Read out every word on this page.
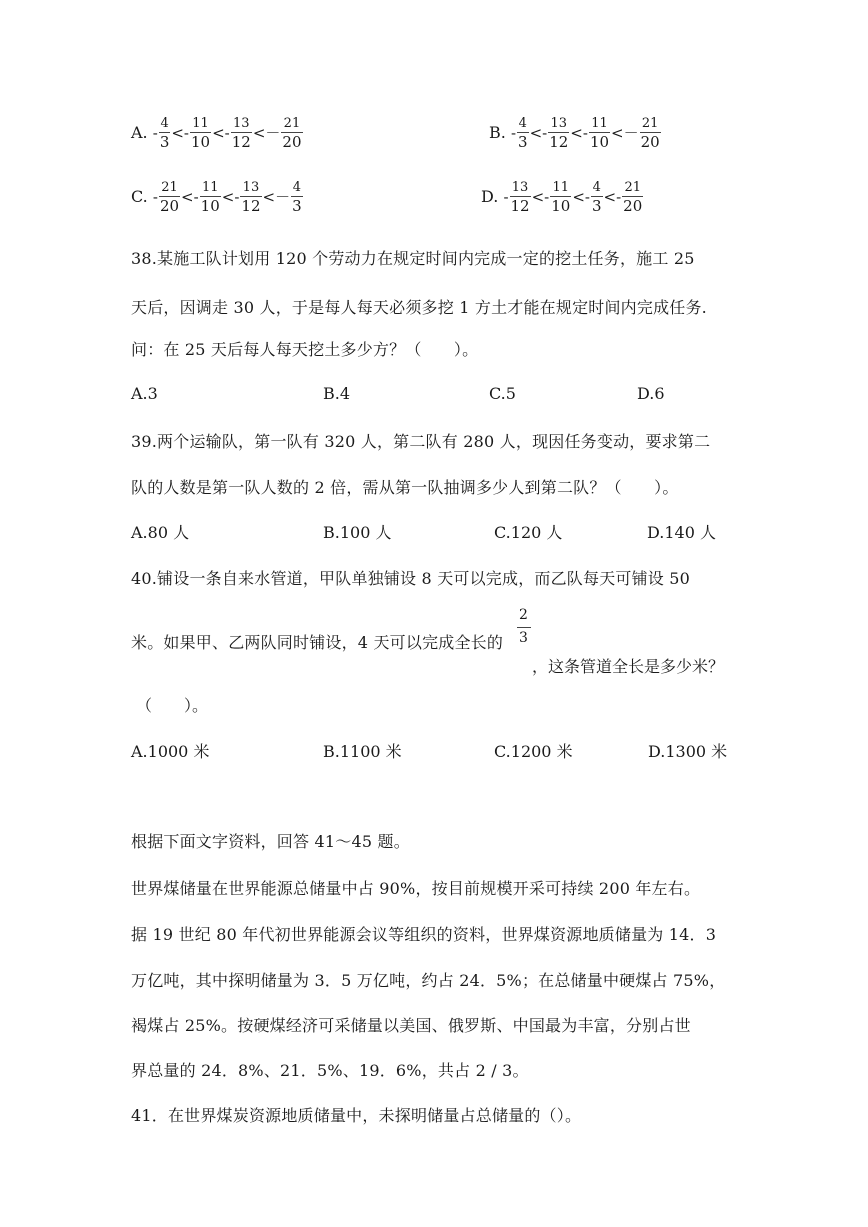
A. - $\frac{4}{3} <- \frac{11}{10} <- \frac{13}{12} <- \frac{21}{20}$	B. - $\frac{4}{3} <- \frac{13}{12} <- \frac{11}{10} <- \frac{21}{20}$
C. - $\frac{21}{20} <- \frac{11}{10} <- \frac{13}{12} <- \frac{4}{3}$	D. - $\frac{13}{12} <- \frac{11}{10} <- \frac{4}{3} <- \frac{21}{20}$
38.某施工队计划用 120 个劳动力在规定时间内完成一定的挖土任务，施工 25
天后，因调走 30 人，于是每人每天必须多挖 1 方土才能在规定时间内完成任务.
问：在 25 天后每人每天挖土多少方？（　　）。
A.3	B.4	C.5	D.6
39.两个运输队，第一队有 320 人，第二队有 280 人，现因任务变动，要求第二
队的人数是第一队人数的 2 倍，需从第一队抽调多少人到第二队？（　　）。
A.80 人	B.100 人	C.120 人	D.140 人
40.铺设一条自来水管道，甲队单独铺设 8 天可以完成，而乙队每天可铺设 50
米。如果甲、乙两队同时铺设，4 天可以完成全长的
2
3
，这条管道全长是多少米？
（　　）。
A.1000 米	B.1100 米	C.1200 米	D.1300 米
根据下面文字资料，回答 41～45 题。
世界煤储量在世界能源总储量中占 90%，按目前规模开采可持续 200 年左右。
据 19 世纪 80 年代初世界能源会议等组织的资料，世界煤资源地质储量为 14．3
万亿吨，其中探明储量为 3．5 万亿吨，约占 24．5%；在总储量中硬煤占 75%，
褐煤占 25%。按硬煤经济可采储量以美国、俄罗斯、中国最为丰富，分别占世
界总量的 24．8%、21．5%、19．6%，共占 2 / 3。
41．在世界煤炭资源地质储量中，未探明储量占总储量的（）。
